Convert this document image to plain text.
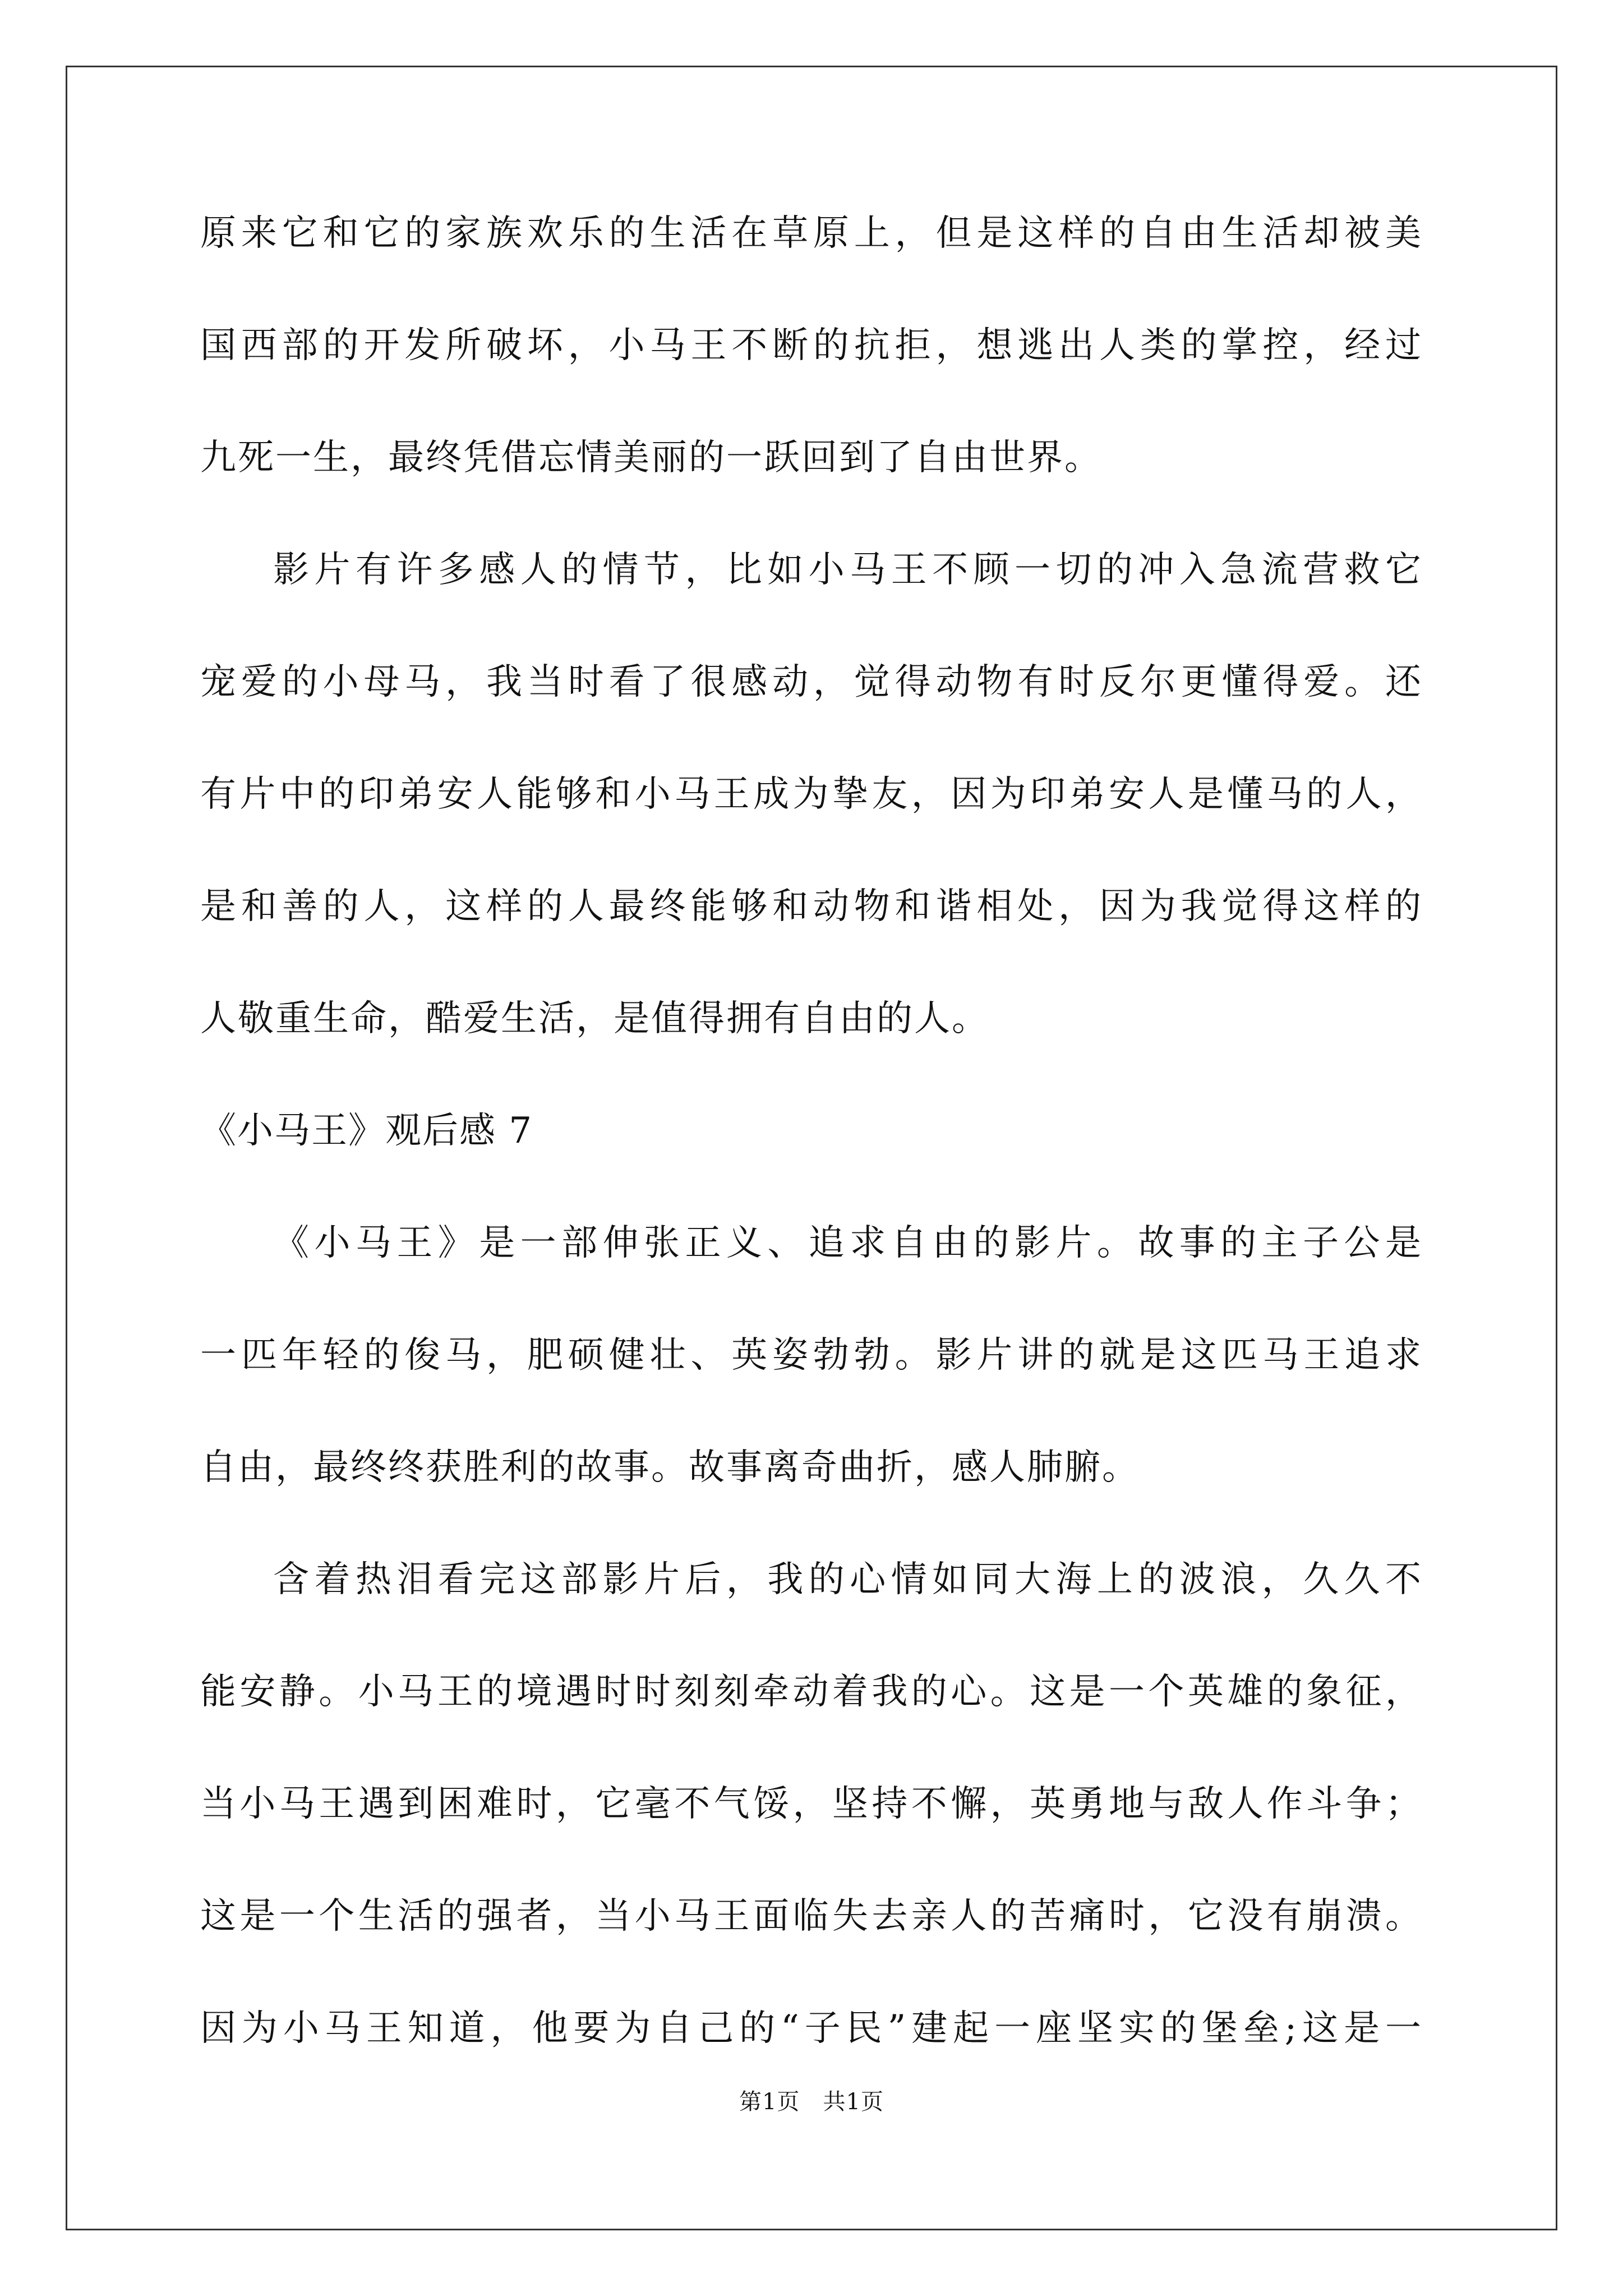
原来它和它的家族欢乐的生活在草原上，但是这样的自由生活却被美
国西部的开发所破坏，小马王不断的抗拒，想逃出人类的掌控，经过
九死一生，最终凭借忘情美丽的一跃回到了自由世界。
影片有许多感人的情节，比如小马王不顾一切的冲入急流营救它
宠爱的小母马，我当时看了很感动，觉得动物有时反尔更懂得爱。还
有片中的印弟安人能够和小马王成为挚友，因为印弟安人是懂马的人，
是和善的人，这样的人最终能够和动物和谐相处，因为我觉得这样的
人敬重生命，酷爱生活，是值得拥有自由的人。
《小马王》观后感 7
《小马王》是一部伸张正义、追求自由的影片。故事的主子公是
一匹年轻的俊马，肥硕健壮、英姿勃勃。影片讲的就是这匹马王追求
自由，最终终获胜利的故事。故事离奇曲折，感人肺腑。
含着热泪看完这部影片后，我的心情如同大海上的波浪，久久不
能安静。小马王的境遇时时刻刻牵动着我的心。这是一个英雄的象征，
当小马王遇到困难时，它毫不气馁，坚持不懈，英勇地与敌人作斗争；
这是一个生活的强者，当小马王面临失去亲人的苦痛时，它没有崩溃。
因为小马王知道，他要为自己的“子民”建起一座坚实的堡垒;这是一
第1页   共1页
